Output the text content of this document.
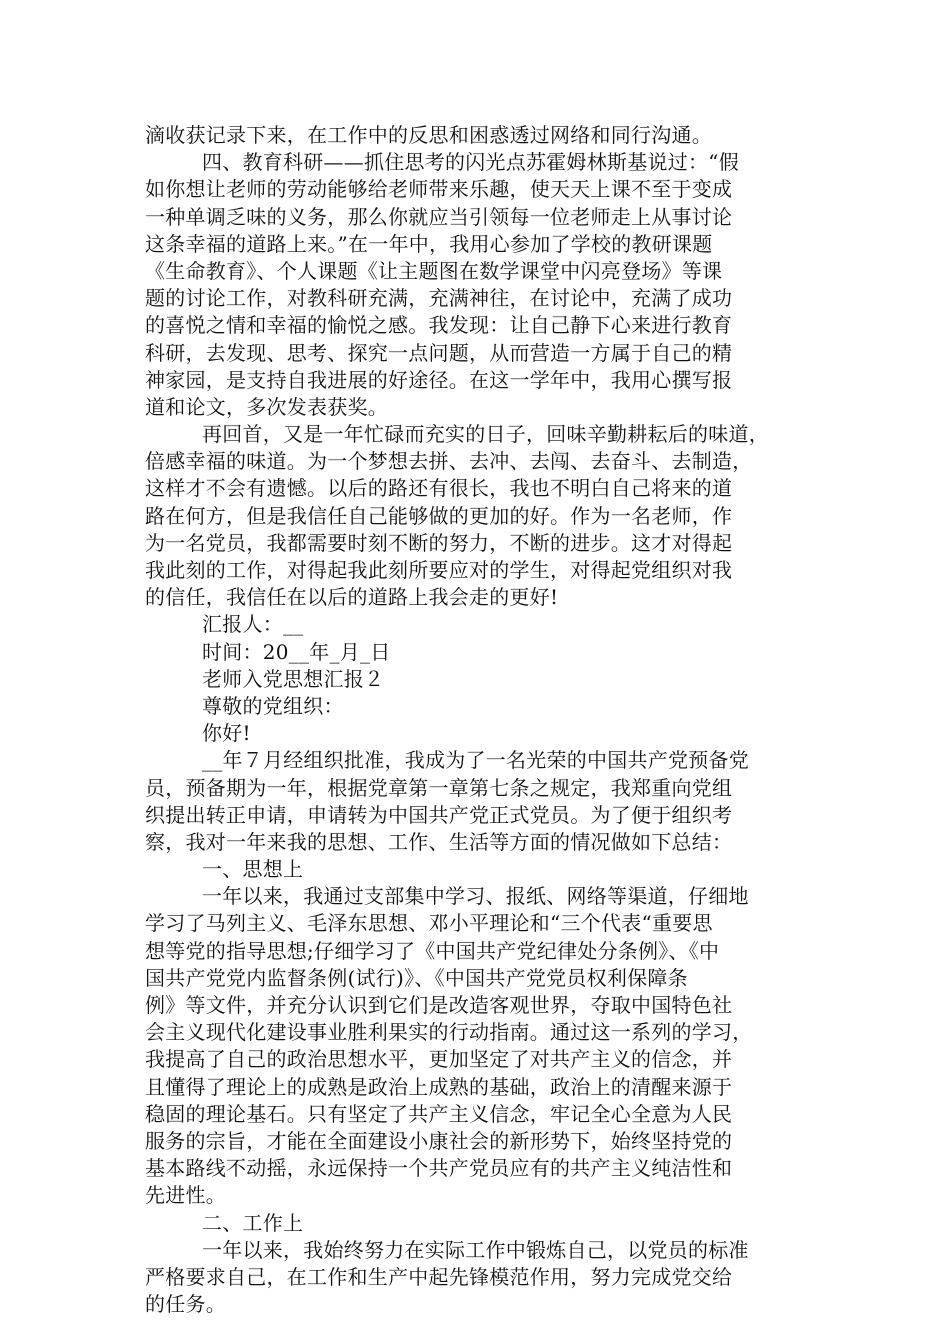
滴收获记录下来，在工作中的反思和困惑透过网络和同行沟通。
四、教育科研——抓住思考的闪光点苏霍姆林斯基说过：“假
如你想让老师的劳动能够给老师带来乐趣，使天天上课不至于变成
一种单调乏味的义务，那么你就应当引领每一位老师走上从事讨论
这条幸福的道路上来。”在一年中，我用心参加了学校的教研课题
《生命教育》、个人课题《让主题图在数学课堂中闪亮登场》等课
题的讨论工作，对教科研充满，充满神往，在讨论中，充满了成功
的喜悦之情和幸福的愉悦之感。我发现：让自己静下心来进行教育
科研，去发现、思考、探究一点问题，从而营造一方属于自己的精
神家园，是支持自我进展的好途径。在这一学年中，我用心撰写报
道和论文，多次发表获奖。
再回首，又是一年忙碌而充实的日子，回味辛勤耕耘后的味道，
倍感幸福的味道。为一个梦想去拼、去冲、去闯、去奋斗、去制造，
这样才不会有遗憾。以后的路还有很长，我也不明白自己将来的道
路在何方，但是我信任自己能够做的更加的好。作为一名老师，作
为一名党员，我都需要时刻不断的努力，不断的进步。这才对得起
我此刻的工作，对得起我此刻所要应对的学生，对得起党组织对我
的信任，我信任在以后的道路上我会走的更好!
汇报人：__
时间：20__年_月_日
老师入党思想汇报２
尊敬的党组织：
你好!
__年７月经组织批准，我成为了一名光荣的中国共产党预备党
员，预备期为一年，根据党章第一章第七条之规定，我郑重向党组
织提出转正申请，申请转为中国共产党正式党员。为了便于组织考
察，我对一年来我的思想、工作、生活等方面的情况做如下总结：
一、思想上
一年以来，我通过支部集中学习、报纸、网络等渠道，仔细地
学习了马列主义、毛泽东思想、邓小平理论和“三个代表“重要思
想等党的指导思想;仔细学习了《中国共产党纪律处分条例》、《中
国共产党党内监督条例(试行)》、《中国共产党党员权利保障条
例》等文件，并充分认识到它们是改造客观世界，夺取中国特色社
会主义现代化建设事业胜利果实的行动指南。通过这一系列的学习，
我提高了自己的政治思想水平，更加坚定了对共产主义的信念，并
且懂得了理论上的成熟是政治上成熟的基础，政治上的清醒来源于
稳固的理论基石。只有坚定了共产主义信念，牢记全心全意为人民
服务的宗旨，才能在全面建设小康社会的新形势下，始终坚持党的
基本路线不动摇，永远保持一个共产党员应有的共产主义纯洁性和
先进性。
二、工作上
一年以来，我始终努力在实际工作中锻炼自己，以党员的标准
严格要求自己，在工作和生产中起先锋模范作用，努力完成党交给
的任务。
